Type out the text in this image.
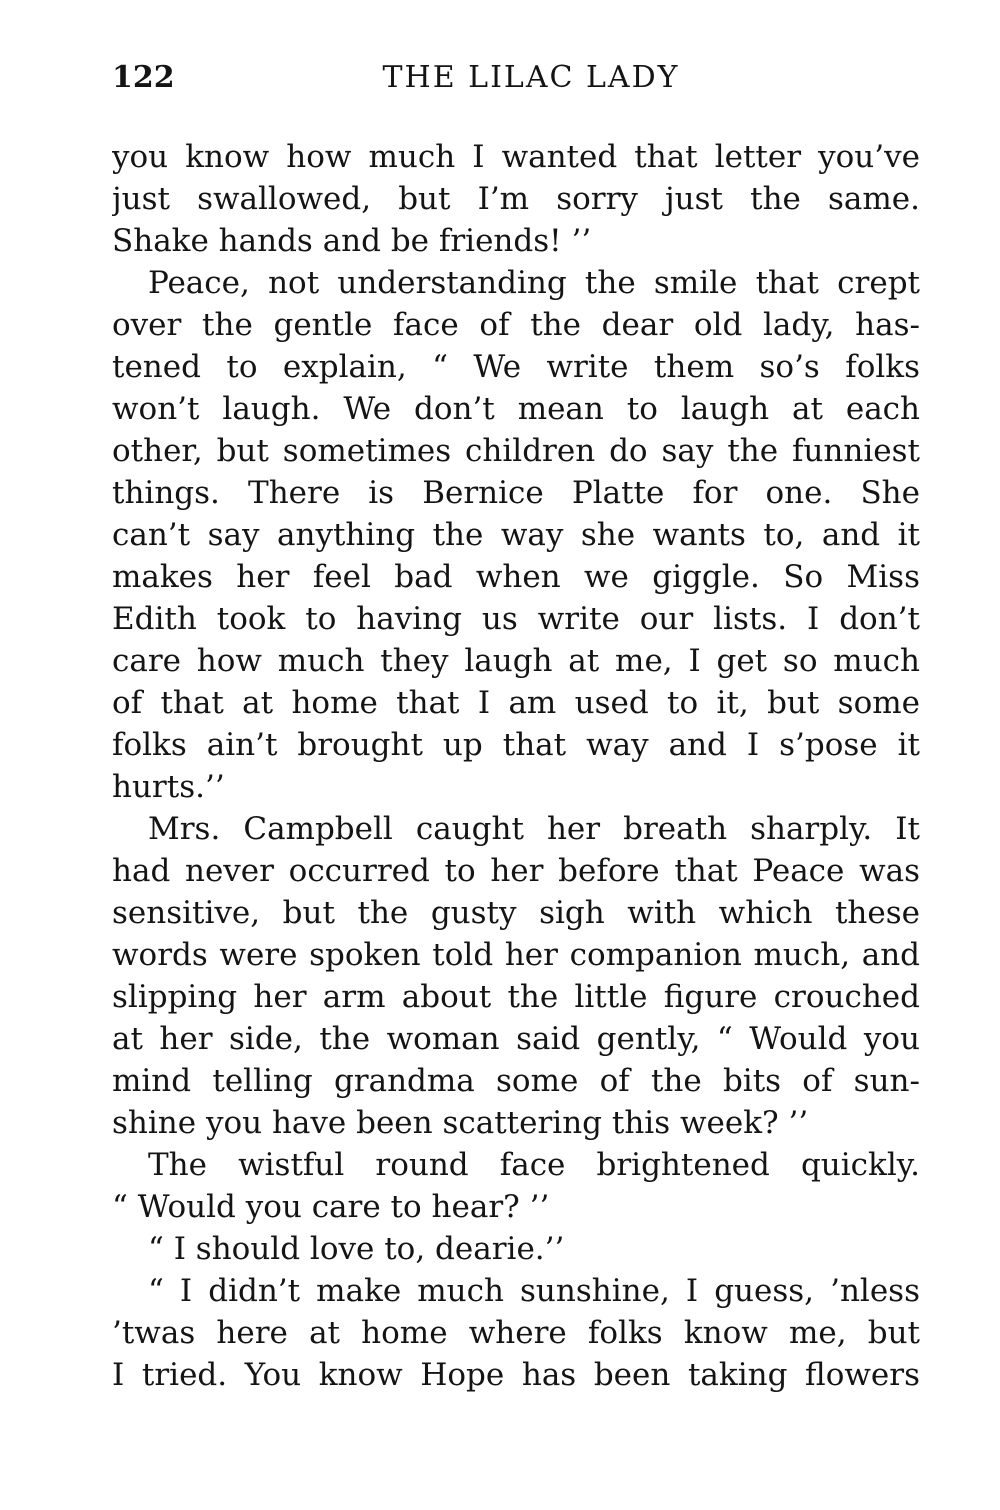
122	THE LILAC LADY
you know how much I wanted that letter you’ve
just swallowed, but I’m sorry just the same.
Shake hands and be friends! ’’
Peace, not understanding the smile that crept
over the gentle face of the dear old lady, has-
tened to explain, “ We write them so’s folks
won’t laugh. We don’t mean to laugh at each
other, but sometimes children do say the funniest
things. There is Bernice Platte for one. She
can’t say anything the way she wants to, and it
makes her feel bad when we giggle. So Miss
Edith took to having us write our lists. I don’t
care how much they laugh at me, I get so much
of that at home that I am used to it, but some
folks ain’t brought up that way and I s’pose it
hurts.’’
Mrs. Campbell caught her breath sharply. It
had never occurred to her before that Peace was
sensitive, but the gusty sigh with which these
words were spoken told her companion much, and
slipping her arm about the little figure crouched
at her side, the woman said gently, “ Would you
mind telling grandma some of the bits of sun-
shine you have been scattering this week? ’’
The wistful round face brightened quickly.
“ Would you care to hear? ’’
“ I should love to, dearie.’’
“ I didn’t make much sunshine, I guess, ’nless
’twas here at home where folks know me, but
I tried. You know Hope has been taking flowers
